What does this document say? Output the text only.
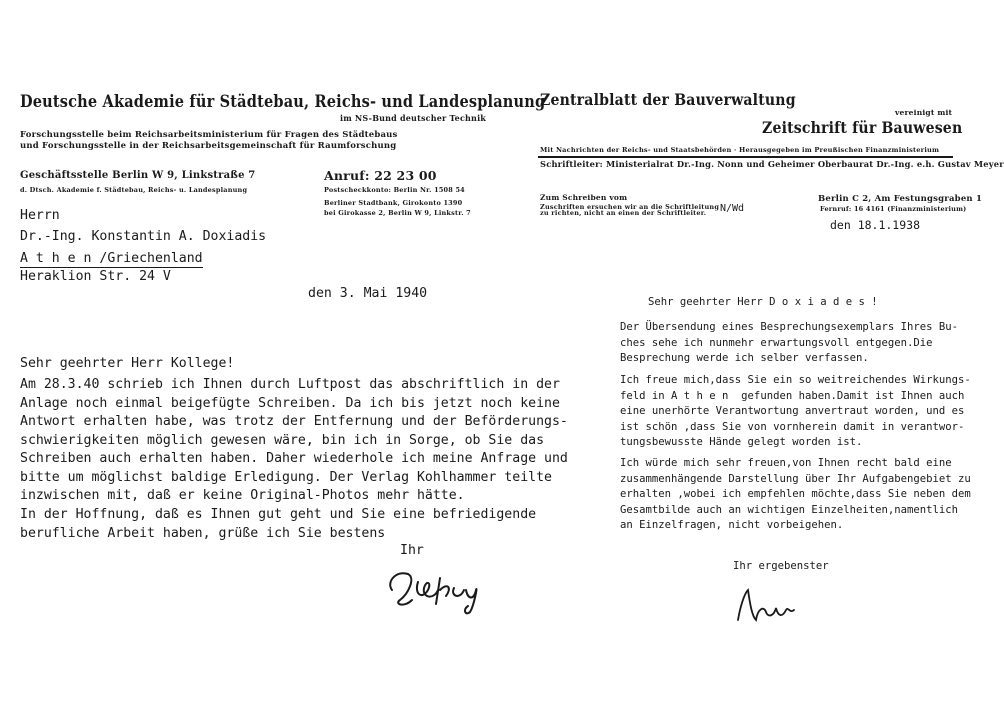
Deutsche Akademie für Städtebau, Reichs- und Landesplanung
im NS-Bund deutscher Technik
Forschungsstelle beim Reichsarbeitsministerium für Fragen des Städtebaus
und Forschungsstelle in der Reichsarbeitsgemeinschaft für Raumforschung
Geschäftsstelle Berlin W 9, Linkstraße 7
d. Dtsch. Akademie f. Städtebau, Reichs- u. Landesplanung
Anruf: 22 23 00
Postscheckkonto: Berlin Nr. 1508 54
Berliner Stadtbank, Girokonto 1390
bei Girokasse 2, Berlin W 9, Linkstr. 7
Herrn
Dr.-Ing. Konstantin A. Doxiadis
A t h e n /Griechenland
Heraklion Str. 24 V
den 3. Mai 1940
Sehr geehrter Herr Kollege!
Am 28.3.40 schrieb ich Ihnen durch Luftpost das abschriftlich in der
Anlage noch einmal beigefügte Schreiben. Da ich bis jetzt noch keine
Antwort erhalten habe, was trotz der Entfernung und der Beförderungs-
schwierigkeiten möglich gewesen wäre, bin ich in Sorge, ob Sie das
Schreiben auch erhalten haben. Daher wiederhole ich meine Anfrage und
bitte um möglichst baldige Erledigung. Der Verlag Kohlhammer teilte
inzwischen mit, daß er keine Original-Photos mehr hätte.
In der Hoffnung, daß es Ihnen gut geht und Sie eine befriedigende
berufliche Arbeit haben, grüße ich Sie bestens
Ihr
Zentralblatt der Bauverwaltung
vereinigt mit
Zeitschrift für Bauwesen
Mit Nachrichten der Reichs- und Staatsbehörden · Herausgegeben im Preußischen Finanzministerium
Schriftleiter: Ministerialrat Dr.-Ing. Nonn und Geheimer Oberbaurat Dr.-Ing. e.h. Gustav Meyer
Zum Schreiben vom
Zuschriften ersuchen wir an die Schriftleitung
zu richten, nicht an einen der Schriftleiter. N/Wd
Berlin C 2, Am Festungsgraben 1
Fernruf: 16 4161 (Finanzministerium)
den 18.1.1938
Sehr geehrter Herr D o x i a d e s !
Der Übersendung eines Besprechungsexemplars Ihres Bu-
ches sehe ich nunmehr erwartungsvoll entgegen.Die
Besprechung werde ich selber verfassen.
Ich freue mich,dass Sie ein so weitreichendes Wirkungs-
feld in A t h e n  gefunden haben.Damit ist Ihnen auch
eine unerhörte Verantwortung anvertraut worden, und es
ist schön ,dass Sie von vornherein damit in verantwor-
tungsbewusste Hände gelegt worden ist.
Ich würde mich sehr freuen,von Ihnen recht bald eine
zusammenhängende Darstellung über Ihr Aufgabengebiet zu
erhalten ,wobei ich empfehlen möchte,dass Sie neben dem
Gesamtbilde auch an wichtigen Einzelheiten,namentlich
an Einzelfragen, nicht vorbeigehen.
Ihr ergebenster
